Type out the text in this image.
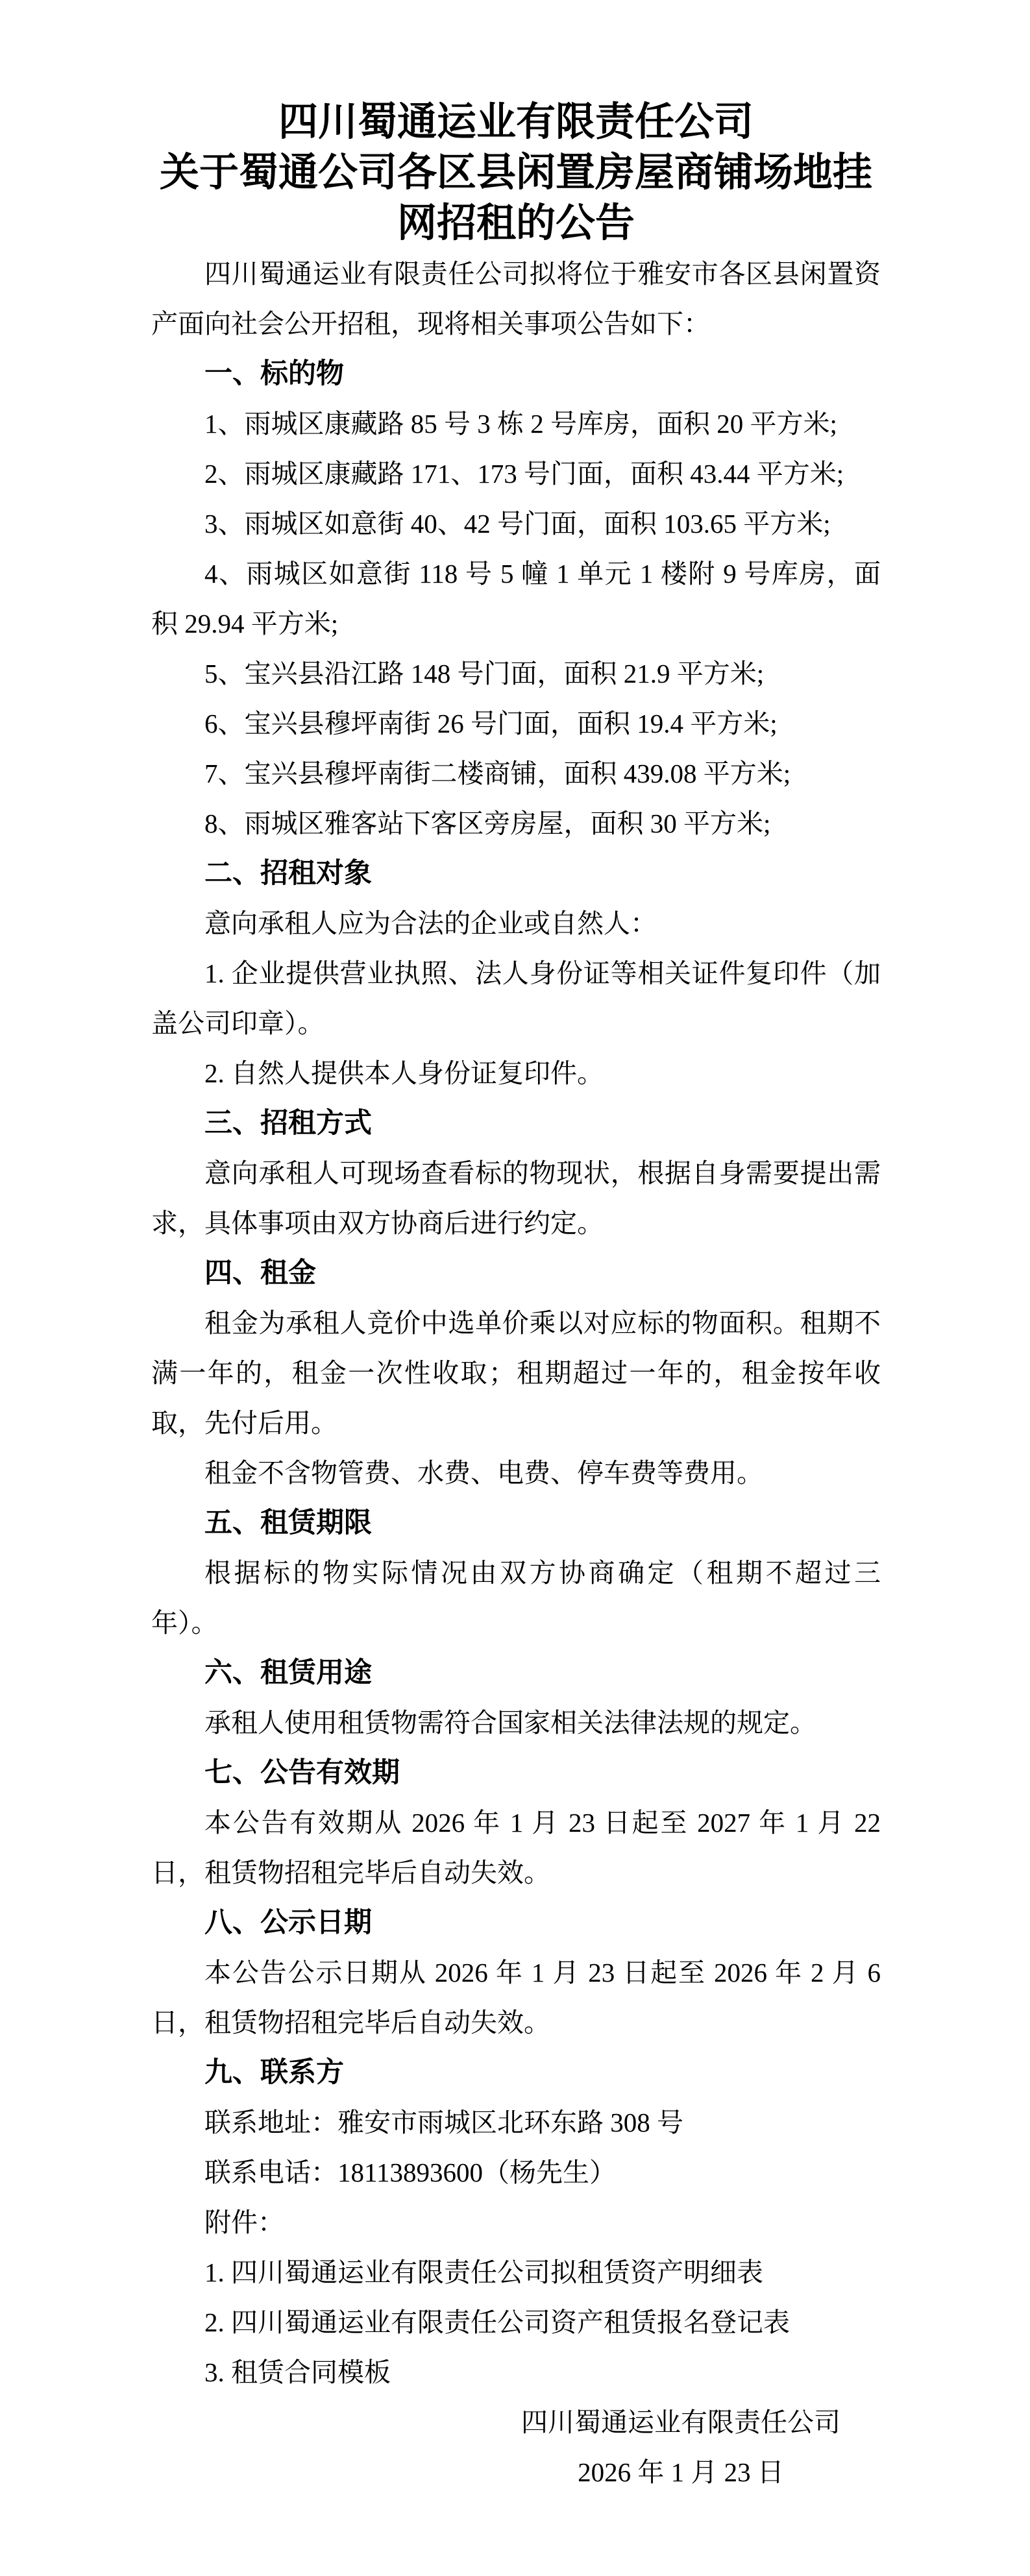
四川蜀通运业有限责任公司
关于蜀通公司各区县闲置房屋商铺场地挂
网招租的公告

四川蜀通运业有限责任公司拟将位于雅安市各区县闲置资产面向社会公开招租，现将相关事项公告如下：

一、标的物

1、雨城区康藏路 85 号 3 栋 2 号库房，面积 20 平方米;

2、雨城区康藏路 171、173 号门面，面积 43.44 平方米;

3、雨城区如意街 40、42 号门面，面积 103.65 平方米;

4、雨城区如意街 118 号 5 幢 1 单元 1 楼附 9 号库房，面积 29.94 平方米;

5、宝兴县沿江路 148 号门面，面积 21.9 平方米;

6、宝兴县穆坪南街 26 号门面，面积 19.4 平方米;

7、宝兴县穆坪南街二楼商铺，面积 439.08 平方米;

8、雨城区雅客站下客区旁房屋，面积 30 平方米;

二、招租对象

意向承租人应为合法的企业或自然人：

1. 企业提供营业执照、法人身份证等相关证件复印件（加盖公司印章）。

2. 自然人提供本人身份证复印件。

三、招租方式

意向承租人可现场查看标的物现状，根据自身需要提出需求，具体事项由双方协商后进行约定。

四、租金

租金为承租人竞价中选单价乘以对应标的物面积。租期不满一年的，租金一次性收取；租期超过一年的，租金按年收取，先付后用。

租金不含物管费、水费、电费、停车费等费用。

五、租赁期限

根据标的物实际情况由双方协商确定（租期不超过三年）。

六、租赁用途

承租人使用租赁物需符合国家相关法律法规的规定。

七、公告有效期

本公告有效期从 2026 年 1 月 23 日起至 2027 年 1 月 22 日，租赁物招租完毕后自动失效。

八、公示日期

本公告公示日期从 2026 年 1 月 23 日起至 2026 年 2 月 6 日，租赁物招租完毕后自动失效。

九、联系方

联系地址：雅安市雨城区北环东路 308 号

联系电话：18113893600（杨先生）

附件：

1. 四川蜀通运业有限责任公司拟租赁资产明细表

2. 四川蜀通运业有限责任公司资产租赁报名登记表

3. 租赁合同模板

四川蜀通运业有限责任公司
2026 年 1 月 23 日
